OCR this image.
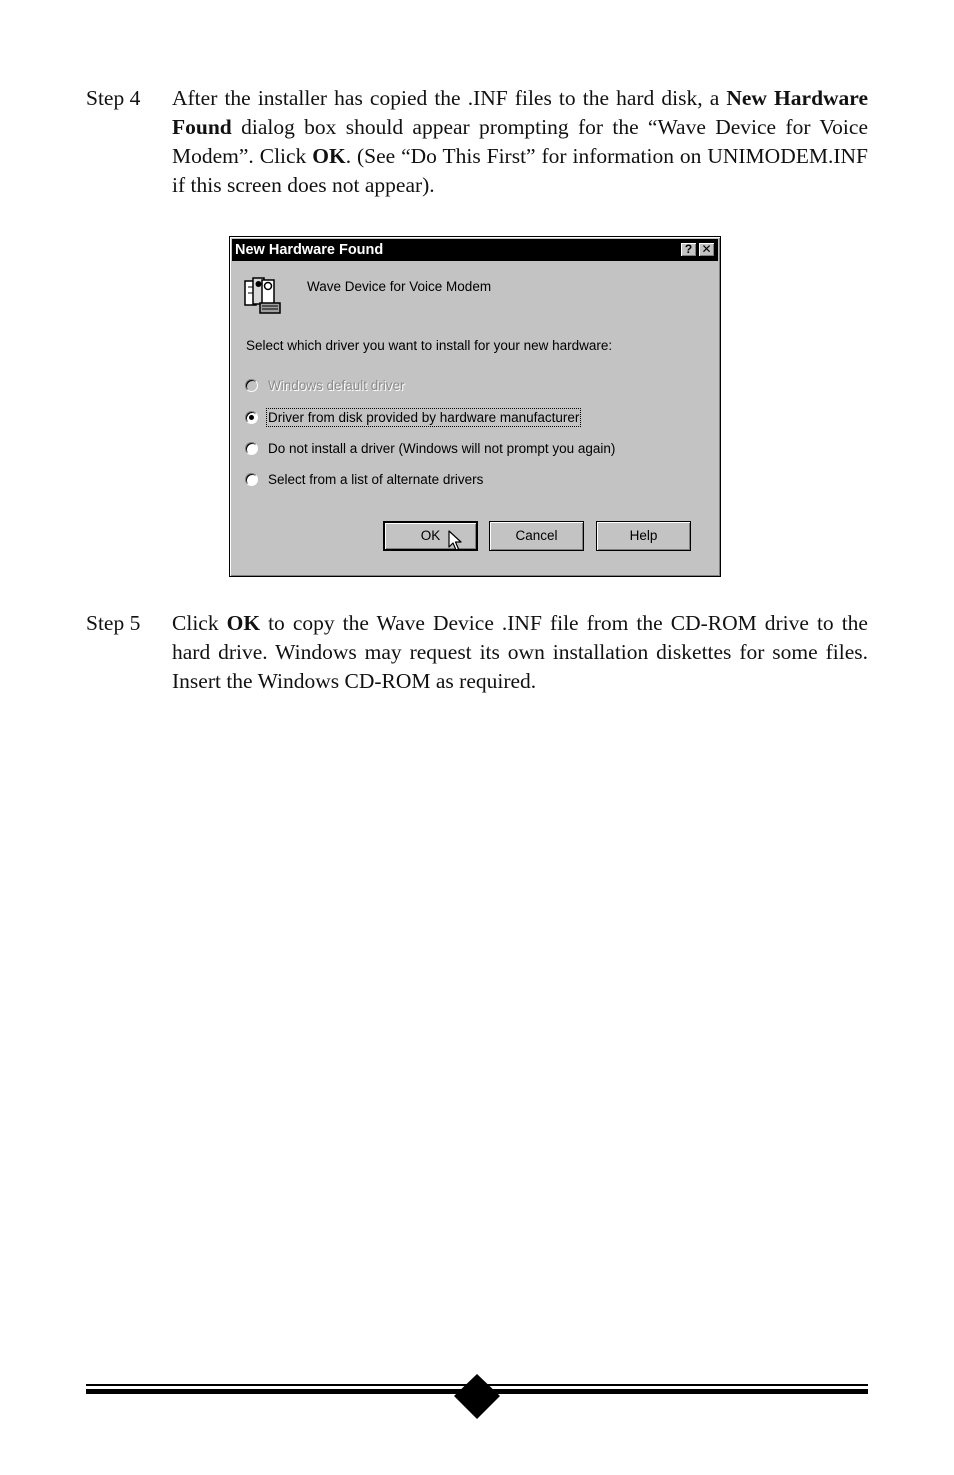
Step 4	After the installer has copied the .INF files to the hard disk, a New Hardware Found dialog box should appear prompting for the “Wave Device for Voice Modem”. Click OK. (See “Do This First” for information on UNIMODEM.INF if this screen does not appear).
New Hardware Found	? ✕
Wave Device for Voice Modem
Select which driver you want to install for your new hardware:
Windows default driver
Driver from disk provided by hardware manufacturer
Do not install a driver (Windows will not prompt you again)
Select from a list of alternate drivers
OK	Cancel	Help
Step 5	Click OK to copy the Wave Device .INF file from the CD-ROM drive to the hard drive. Windows may request its own installation diskettes for some files. Insert the Windows CD-ROM as required.
